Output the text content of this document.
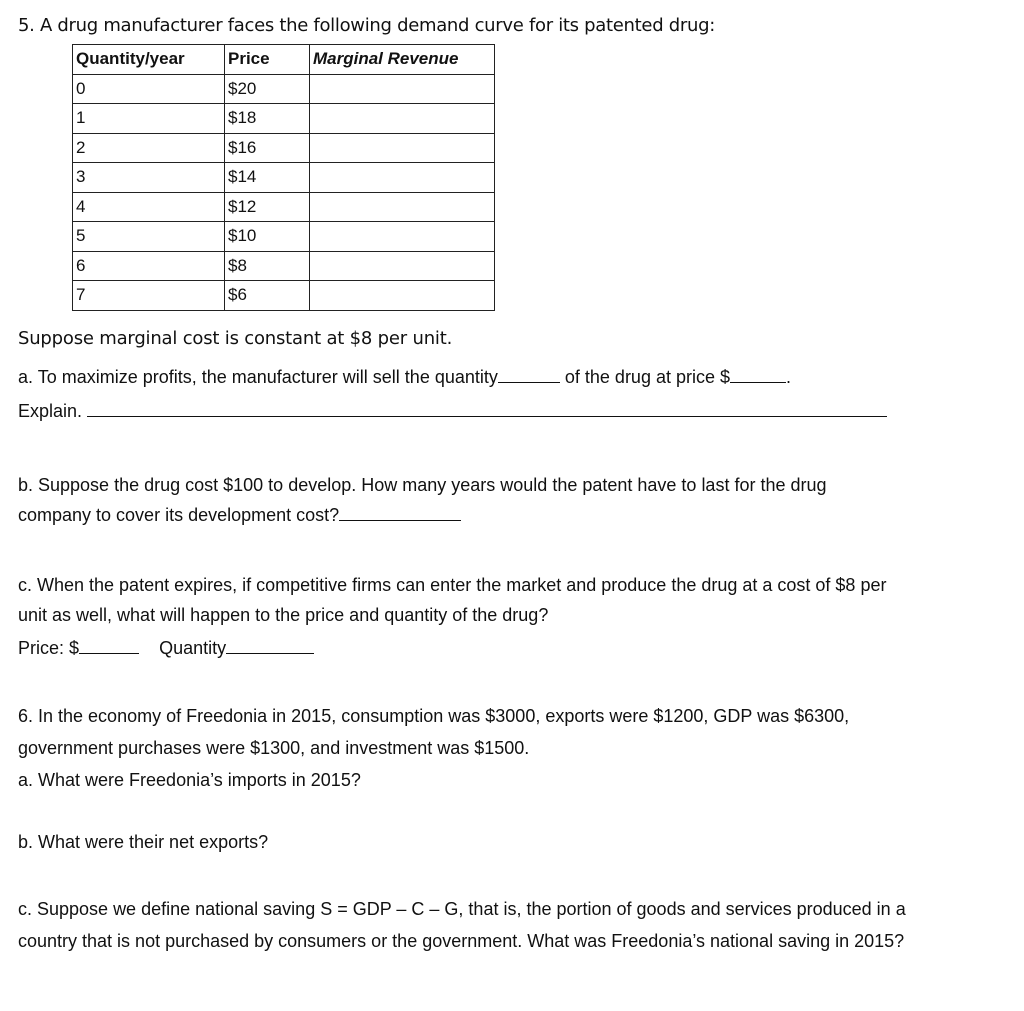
5. A drug manufacturer faces the following demand curve for its patented drug:
Quantity/year	Price	Marginal Revenue
0	$20	
1	$18	
2	$16	
3	$14	
4	$12	
5	$10	
6	$8	
7	$6	
Suppose marginal cost is constant at $8 per unit.
a. To maximize profits, the manufacturer will sell the quantity	of the drug at price $	.
Explain.
b. Suppose the drug cost $100 to develop. How many years would the patent have to last for the drug
company to cover its development cost?
c. When the patent expires, if competitive firms can enter the market and produce the drug at a cost of $8 per
unit as well, what will happen to the price and quantity of the drug?
Price: $	Quantity
6. In the economy of Freedonia in 2015, consumption was $3000, exports were $1200, GDP was $6300,
government purchases were $1300, and investment was $1500.
a. What were Freedonia’s imports in 2015?
b. What were their net exports?
c. Suppose we define national saving S = GDP – C – G, that is, the portion of goods and services produced in a
country that is not purchased by consumers or the government. What was Freedonia’s national saving in 2015?
